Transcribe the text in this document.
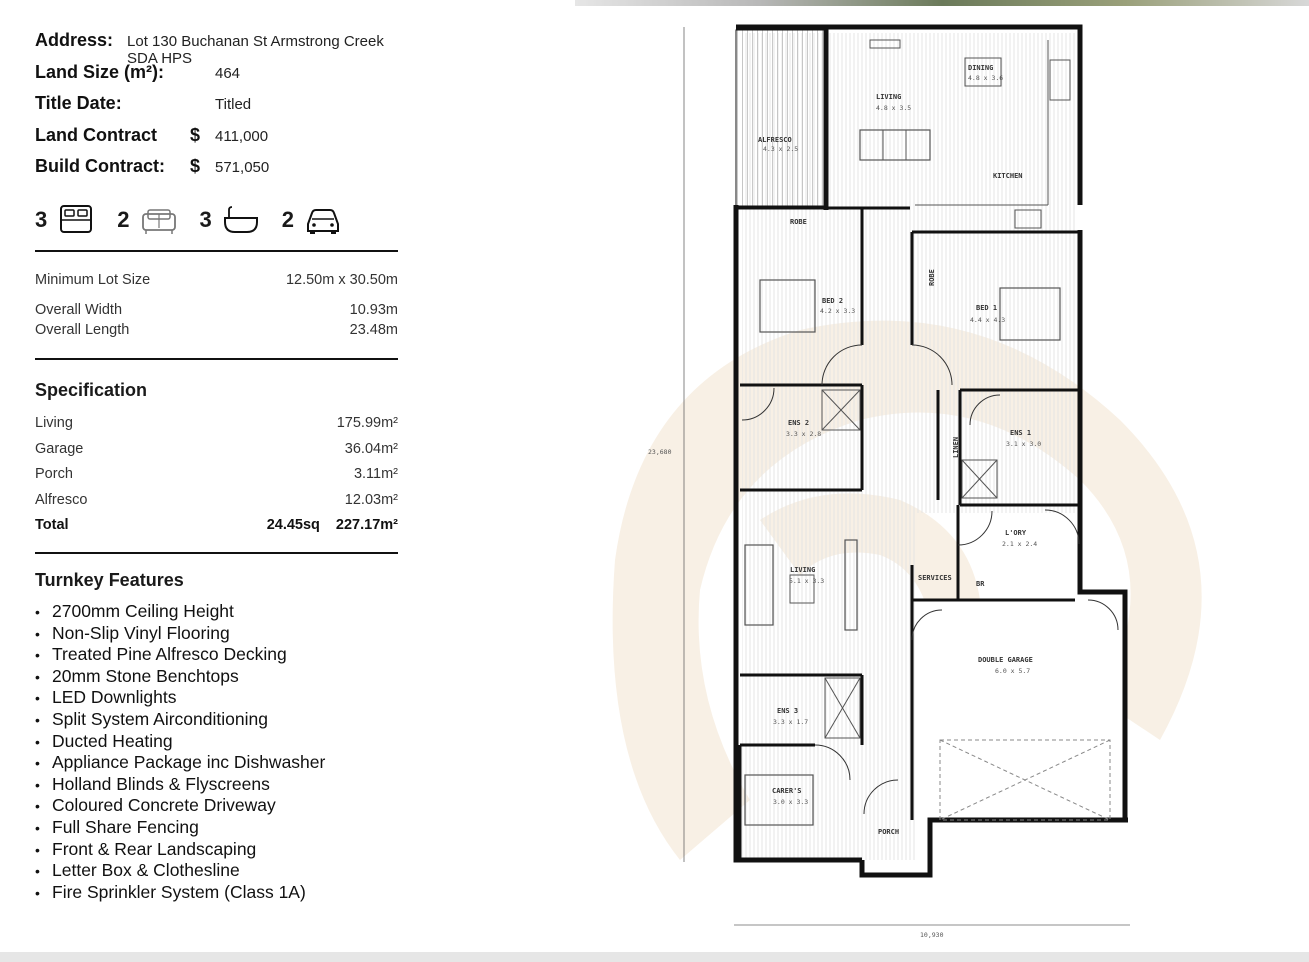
Address: Lot 130 Buchanan St Armstrong Creek SDA HPS
Land Size (m²):	464
Title Date:	Titled
Land Contract	$ 411,000
Build Contract:	$ 571,050
3	2	3	2
Minimum Lot Size	12.50m x 30.50m
Overall Width	10.93m
Overall Length	23.48m
Specification
Living	175.99m²
Garage	36.04m²
Porch	3.11m²
Alfresco	12.03m²
Total	24.45sq 227.17m²
Turnkey Features
• 2700mm Ceiling Height
• Non-Slip Vinyl Flooring
• Treated Pine Alfresco Decking
• 20mm Stone Benchtops
• LED Downlights
• Split System Airconditioning
• Ducted Heating
• Appliance Package inc Dishwasher
• Holland Blinds & Flyscreens
• Coloured Concrete Driveway
• Full Share Fencing
• Front & Rear Landscaping
• Letter Box & Clothesline
• Fire Sprinkler System (Class 1A)
ALFRESCO
4.3 x 2.5
LIVING
4.8 x 3.5
DINING
4.8 x 3.6
KITCHEN
ROBE
ROBE
BED 2
4.2 x 3.3	BED 1
4.4 x 4.3
ENS 2
3.3 x 2.8	ENS 1
3.1 x 3.0
LINEN
LIVING
5.1 x 3.3
L'ORY
2.1 x 2.4
SERVICES
BR
DOUBLE GARAGE
6.0 x 5.7
ENS 3
3.3 x 1.7
CARER'S
3.0 x 3.3
PORCH
23,680
10,930
